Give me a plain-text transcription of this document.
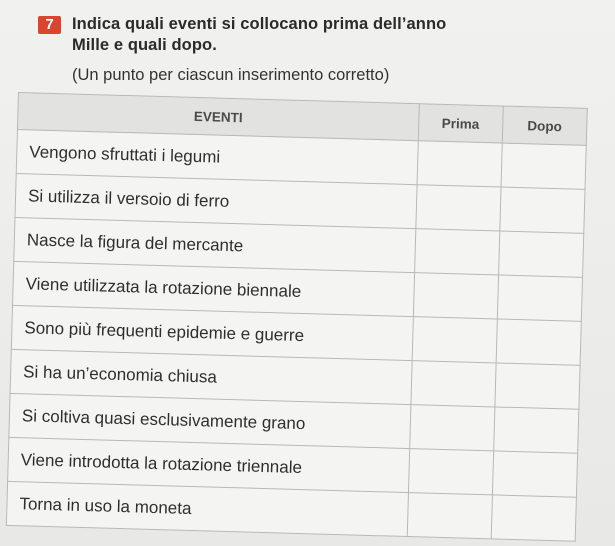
7	Indica quali eventi si collocano prima dell’anno
Mille e quali dopo.
(Un punto per ciascun inserimento corretto)
EVENTI	Prima	Dopo
Vengono sfruttati i legumi		
Si utilizza il versoio di ferro		
Nasce la figura del mercante		
Viene utilizzata la rotazione biennale		
Sono più frequenti epidemie e guerre		
Si ha un’economia chiusa		
Si coltiva quasi esclusivamente grano		
Viene introdotta la rotazione triennale		
Torna in uso la moneta		
